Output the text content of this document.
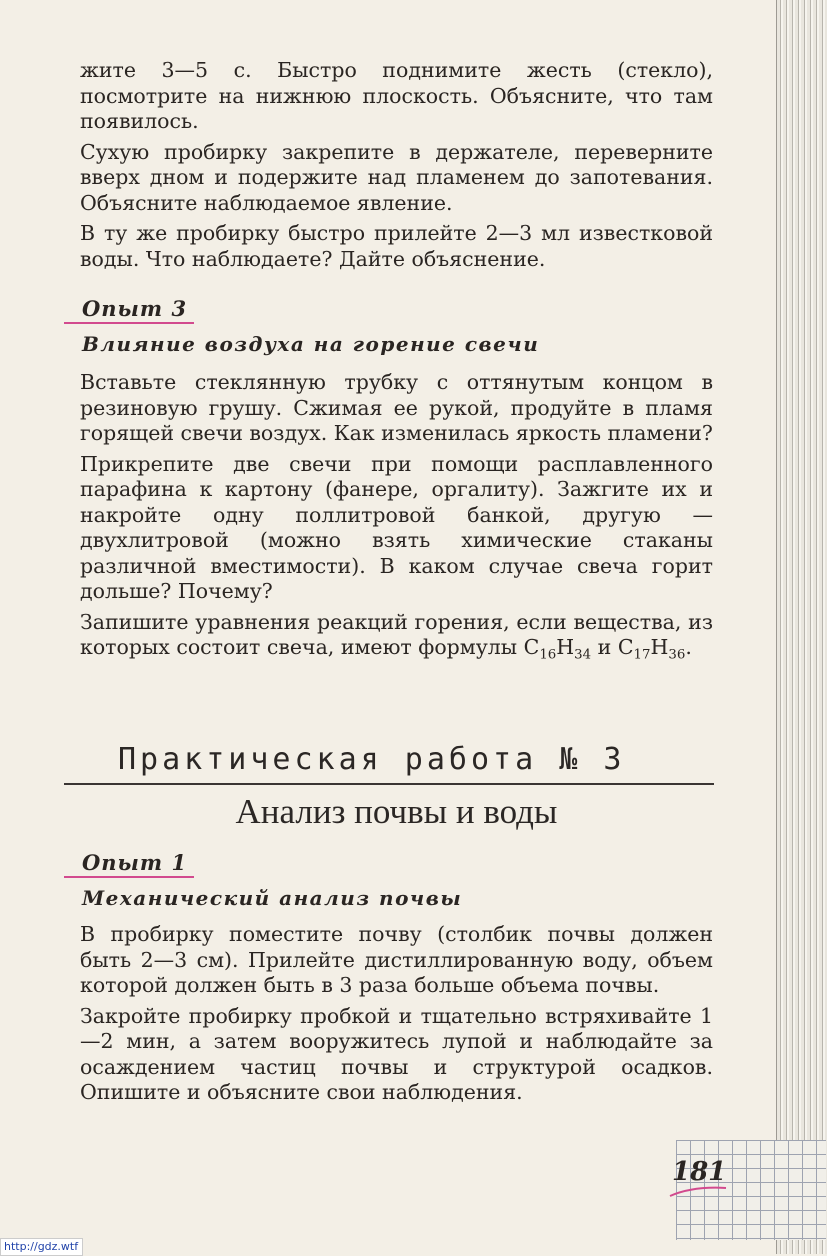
жите 3—5 с. Быстро поднимите жесть (стекло), посмотрите на нижнюю плоскость. Объясните, что там появилось.

Сухую пробирку закрепите в держателе, переверните вверх дном и подержите над пламенем до запотевания. Объясните наблюдаемое явление.

В ту же пробирку быстро прилейте 2—3 мл известковой воды. Что наблюдаете? Дайте объяснение.

Опыт 3
Влияние воздуха на горение свечи

Вставьте стеклянную трубку с оттянутым концом в резиновую грушу. Сжимая ее рукой, продуйте в пламя горящей свечи воздух. Как изменилась яркость пламени?

Прикрепите две свечи при помощи расплавленного парафина к картону (фанере, оргалиту). Зажгите их и накройте одну поллитровой банкой, другую — двухлитровой (можно взять химические стаканы различной вместимости). В каком случае свеча горит дольше? Почему?

Запишите уравнения реакций горения, если вещества, из которых состоит свеча, имеют формулы $C_{16}H_{34}$ и $C_{17}H_{36}$.

Практическая работа № 3
Анализ почвы и воды
Опыт 1
Механический анализ почвы

В пробирку поместите почву (столбик почвы должен быть 2—3 см). Прилейте дистиллированную воду, объем которой должен быть в 3 раза больше объема почвы.

Закройте пробирку пробкой и тщательно встряхивайте 1—2 мин, а затем вооружитесь лупой и наблюдайте за осаждением частиц почвы и структурой осадков. Опишите и объясните свои наблюдения.

181
http://gdz.wtf
